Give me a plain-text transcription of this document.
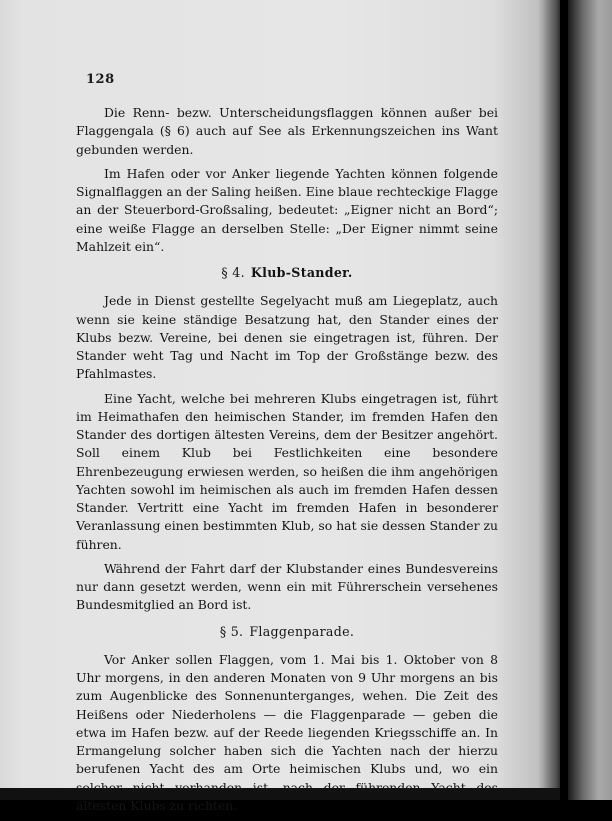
128

Die Renn- bezw. Unterscheidungsflaggen können außer bei Flaggengala (§ 6) auch auf See als Erkennungszeichen ins Want gebunden werden.

Im Hafen oder vor Anker liegende Yachten können folgende Signalflaggen an der Saling heißen. Eine blaue rechteckige Flagge an der Steuerbord-Großsaling, bedeutet: „Eigner nicht an Bord“; eine weiße Flagge an derselben Stelle: „Der Eigner nimmt seine Mahlzeit ein“.

§ 4. Klub-Stander.

Jede in Dienst gestellte Segelyacht muß am Liegeplatz, auch wenn sie keine ständige Besatzung hat, den Stander eines der Klubs bezw. Vereine, bei denen sie eingetragen ist, führen. Der Stander weht Tag und Nacht im Top der Großstänge bezw. des Pfahlmastes.

Eine Yacht, welche bei mehreren Klubs eingetragen ist, führt im Heimathafen den heimischen Stander, im fremden Hafen den Stander des dortigen ältesten Vereins, dem der Besitzer angehört. Soll einem Klub bei Festlichkeiten eine besondere Ehrenbezeugung erwiesen werden, so heißen die ihm angehörigen Yachten sowohl im heimischen als auch im fremden Hafen dessen Stander. Vertritt eine Yacht im fremden Hafen in besonderer Veranlassung einen bestimmten Klub, so hat sie dessen Stander zu führen.

Während der Fahrt darf der Klubstander eines Bundesvereins nur dann gesetzt werden, wenn ein mit Führerschein versehenes Bundesmitglied an Bord ist.

§ 5. Flaggenparade.

Vor Anker sollen Flaggen, vom 1. Mai bis 1. Oktober von 8 Uhr morgens, in den anderen Monaten von 9 Uhr morgens an bis zum Augenblicke des Sonnenunterganges, wehen. Die Zeit des Heißens oder Niederholens — die Flaggenparade — geben die etwa im Hafen bezw. auf der Reede liegenden Kriegsschiffe an. In Ermangelung solcher haben sich die Yachten nach der hierzu berufenen Yacht des am Orte heimischen Klubs und, wo ein solcher nicht vorhanden ist, nach der führenden Yacht des ältesten Klubs zu richten.
